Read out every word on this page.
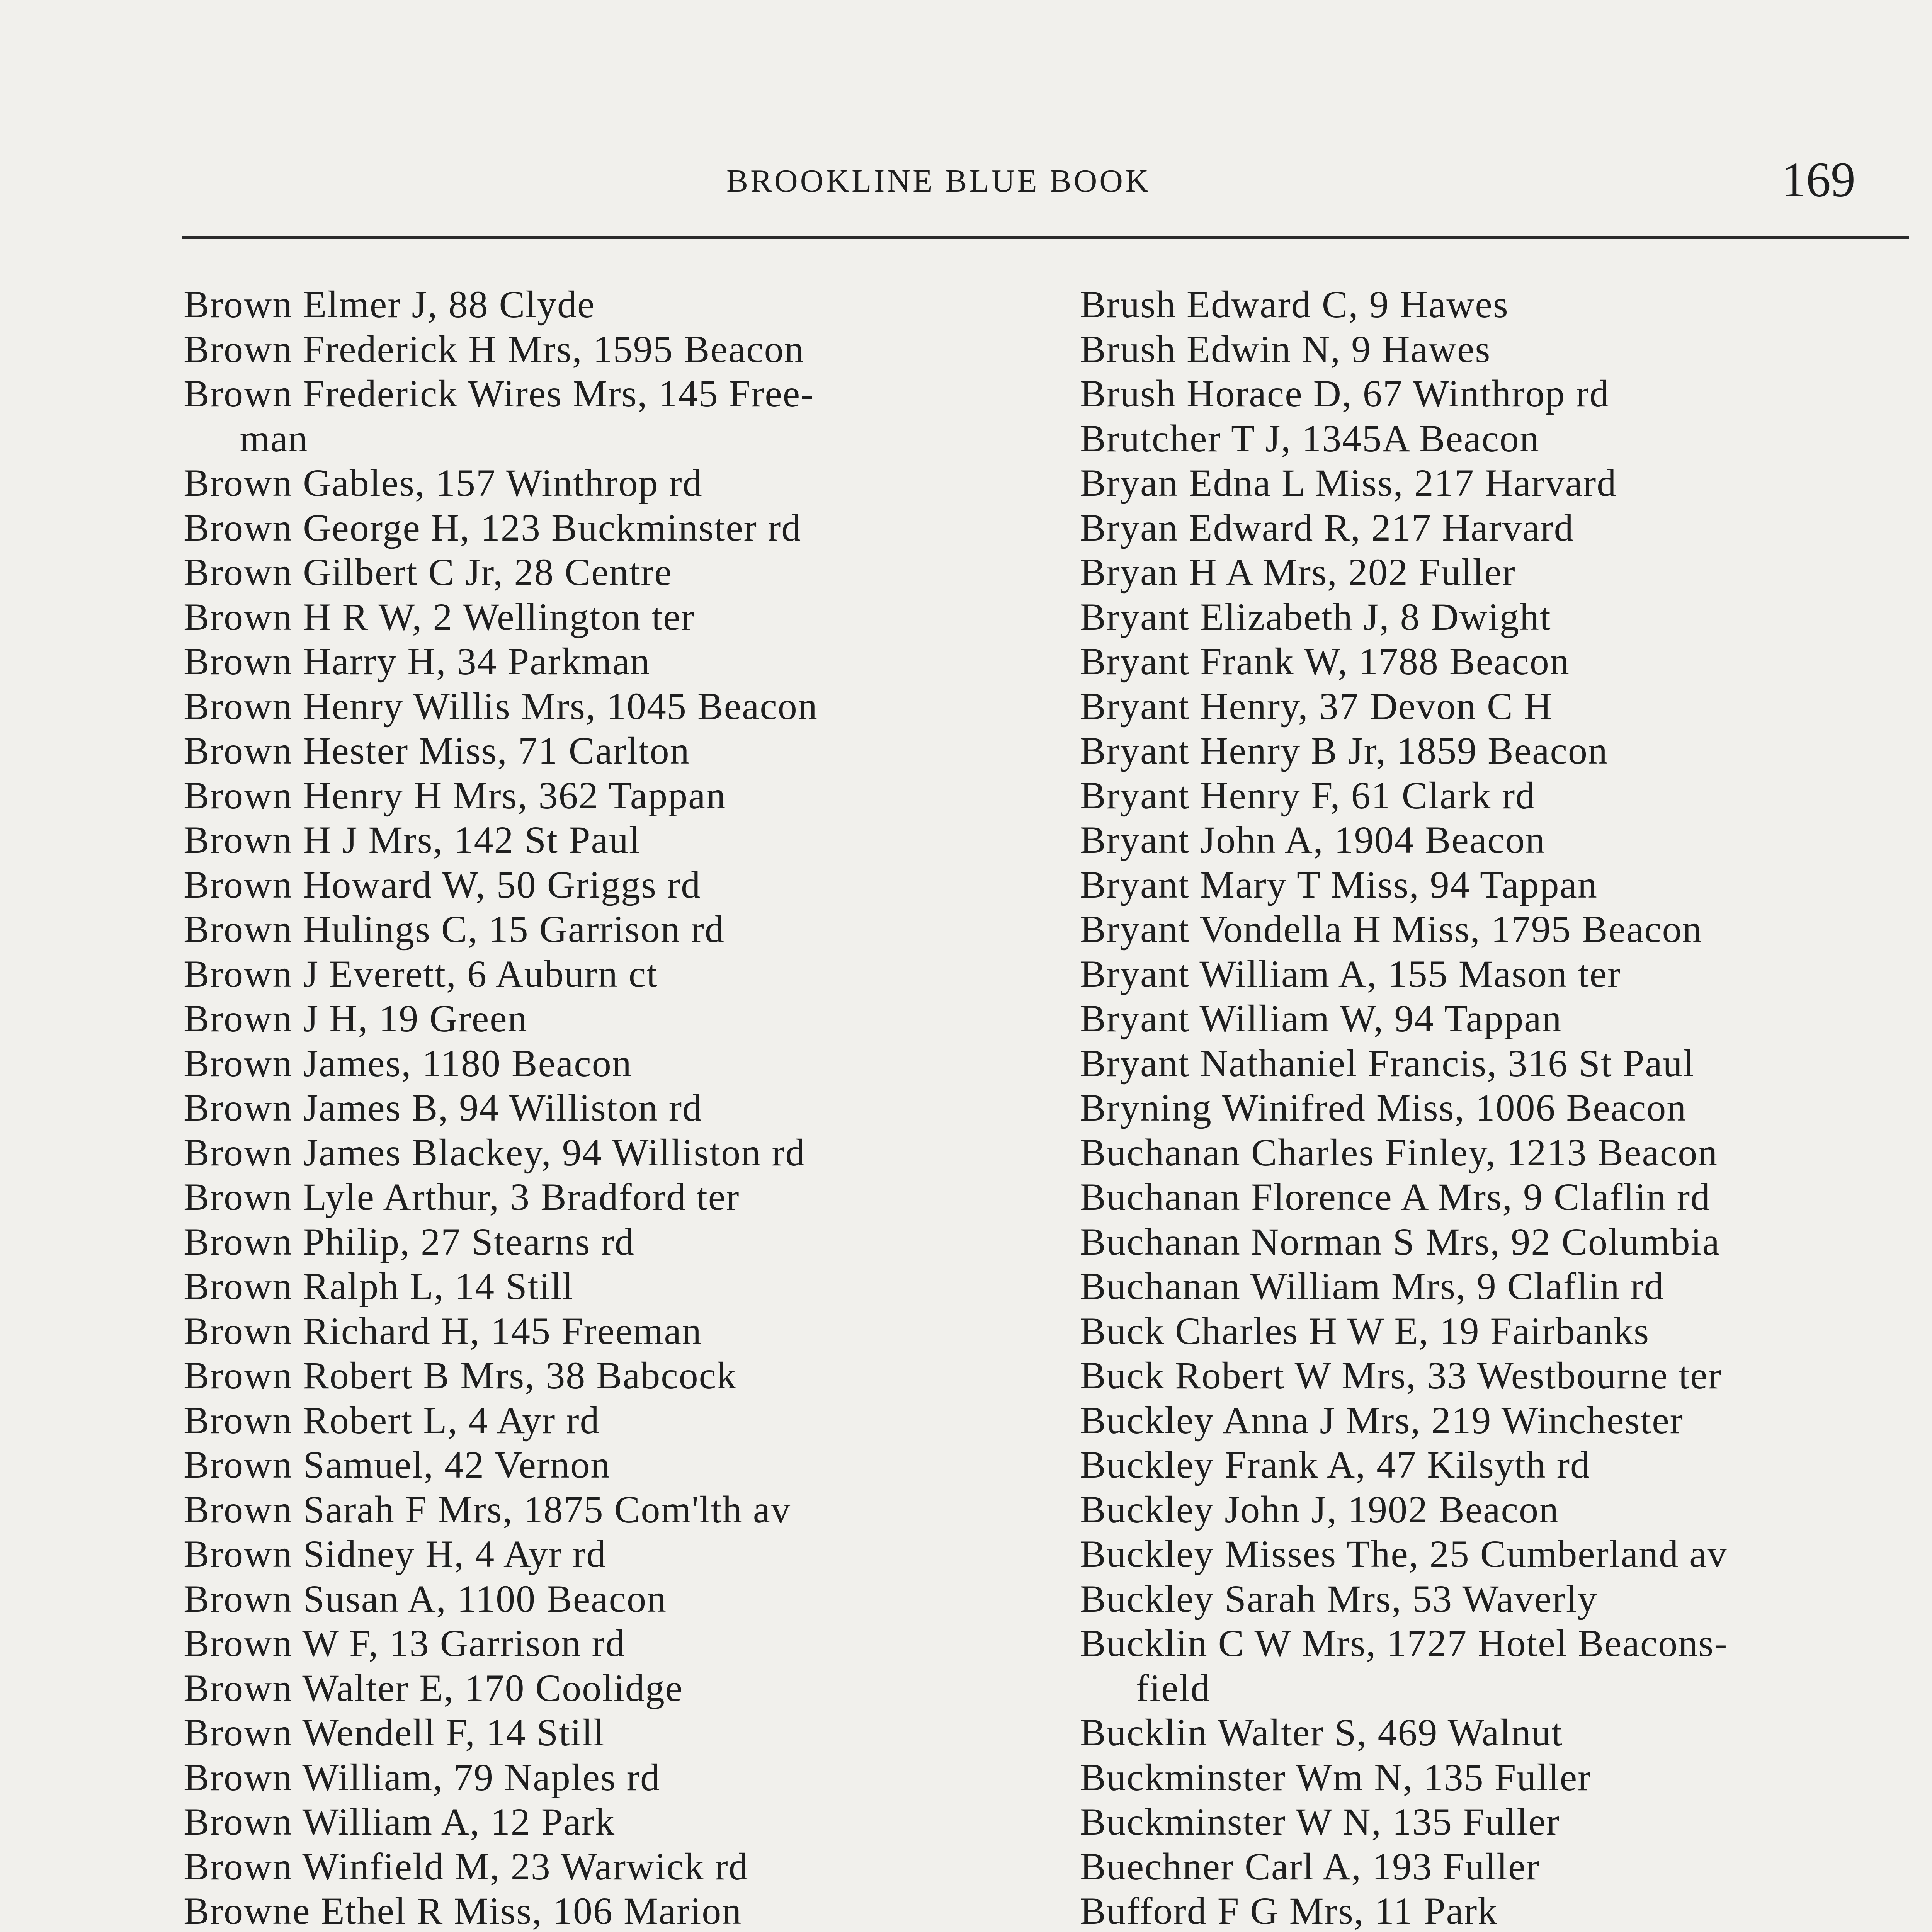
BROOKLINE BLUE BOOK	169
Brown Elmer J, 88 Clyde
Brown Frederick H Mrs, 1595 Beacon
Brown Frederick Wires Mrs, 145 Free-
man
Brown Gables, 157 Winthrop rd
Brown George H, 123 Buckminster rd
Brown Gilbert C Jr, 28 Centre
Brown H R W, 2 Wellington ter
Brown Harry H, 34 Parkman
Brown Henry Willis Mrs, 1045 Beacon
Brown Hester Miss, 71 Carlton
Brown Henry H Mrs, 362 Tappan
Brown H J Mrs, 142 St Paul
Brown Howard W, 50 Griggs rd
Brown Hulings C, 15 Garrison rd
Brown J Everett, 6 Auburn ct
Brown J H, 19 Green
Brown James, 1180 Beacon
Brown James B, 94 Williston rd
Brown James Blackey, 94 Williston rd
Brown Lyle Arthur, 3 Bradford ter
Brown Philip, 27 Stearns rd
Brown Ralph L, 14 Still
Brown Richard H, 145 Freeman
Brown Robert B Mrs, 38 Babcock
Brown Robert L, 4 Ayr rd
Brown Samuel, 42 Vernon
Brown Sarah F Mrs, 1875 Com'lth av
Brown Sidney H, 4 Ayr rd
Brown Susan A, 1100 Beacon
Brown W F, 13 Garrison rd
Brown Walter E, 170 Coolidge
Brown Wendell F, 14 Still
Brown William, 79 Naples rd
Brown William A, 12 Park
Brown Winfield M, 23 Warwick rd
Browne Ethel R Miss, 106 Marion
Brush Edward C, 9 Hawes
Brush Edwin N, 9 Hawes
Brush Horace D, 67 Winthrop rd
Brutcher T J, 1345A Beacon
Bryan Edna L Miss, 217 Harvard
Bryan Edward R, 217 Harvard
Bryan H A Mrs, 202 Fuller
Bryant Elizabeth J, 8 Dwight
Bryant Frank W, 1788 Beacon
Bryant Henry, 37 Devon C H
Bryant Henry B Jr, 1859 Beacon
Bryant Henry F, 61 Clark rd
Bryant John A, 1904 Beacon
Bryant Mary T Miss, 94 Tappan
Bryant Vondella H Miss, 1795 Beacon
Bryant William A, 155 Mason ter
Bryant William W, 94 Tappan
Bryant Nathaniel Francis, 316 St Paul
Bryning Winifred Miss, 1006 Beacon
Buchanan Charles Finley, 1213 Beacon
Buchanan Florence A Mrs, 9 Claflin rd
Buchanan Norman S Mrs, 92 Columbia
Buchanan William Mrs, 9 Claflin rd
Buck Charles H W E, 19 Fairbanks
Buck Robert W Mrs, 33 Westbourne ter
Buckley Anna J Mrs, 219 Winchester
Buckley Frank A, 47 Kilsyth rd
Buckley John J, 1902 Beacon
Buckley Misses The, 25 Cumberland av
Buckley Sarah Mrs, 53 Waverly
Bucklin C W Mrs, 1727 Hotel Beacons-
field
Bucklin Walter S, 469 Walnut
Buckminster Wm N, 135 Fuller
Buckminster W N, 135 Fuller
Buechner Carl A, 193 Fuller
Bufford F G Mrs, 11 Park
